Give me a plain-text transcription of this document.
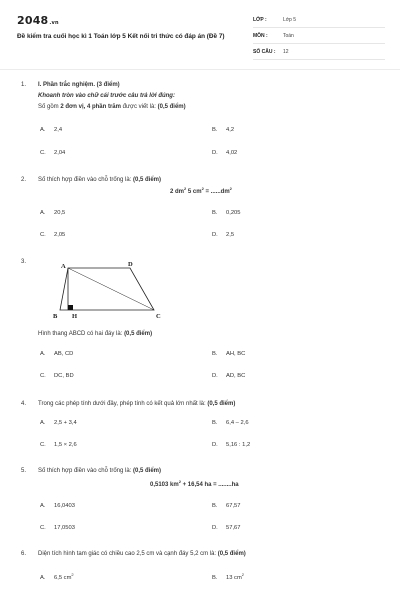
2048.vn
Đề kiểm tra cuối học kì 1 Toán lớp 5 Kết nối tri thức có đáp án (Đề 7)
LỚP :	Lớp 5
MÔN :	Toán
SỐ CÂU : 12
1. I. Phần trắc nghiệm. (3 điểm)
Khoanh tròn vào chữ cái trước câu trả lời đúng:
Số gồm 2 đơn vị, 4 phần trăm được viết là: (0,5 điểm)
A. 2,4	B. 4,2
C. 2,04	D. 4,02
2. Số thích hợp điền vào chỗ trống là: (0,5 điểm)
2 $dm^2$ 5 $cm^2 = ......dm^2$
A. 20,5	B. 0,205
C. 2,05	D. 2,5
3.
A	D
B H	C
Hình thang ABCD có hai đáy là: (0,5 điểm)
A. AB, CD	B. AH, BC
C. DC, BD	D. AD, BC
4. Trong các phép tính dưới đây, phép tính có kết quả lớn nhất là: (0,5 điểm)
A. 2,5 + 3,4	B. 6,4 – 2,6
C. 1,5 × 2,6	D. 5,16 : 1,2
5. Số thích hợp điền vào chỗ trống là: (0,5 điểm)
0,5103 $km^2 + 16,54$ ha = ........ha
A. 16,0403	B. 67,57
C. 17,0503	D. 57,67
6. Diện tích hình tam giác có chiều cao 2,5 cm và cạnh đáy 5,2 cm là: (0,5 điểm)
A. 6,5 $cm^2$
B. 13 $cm^2$
